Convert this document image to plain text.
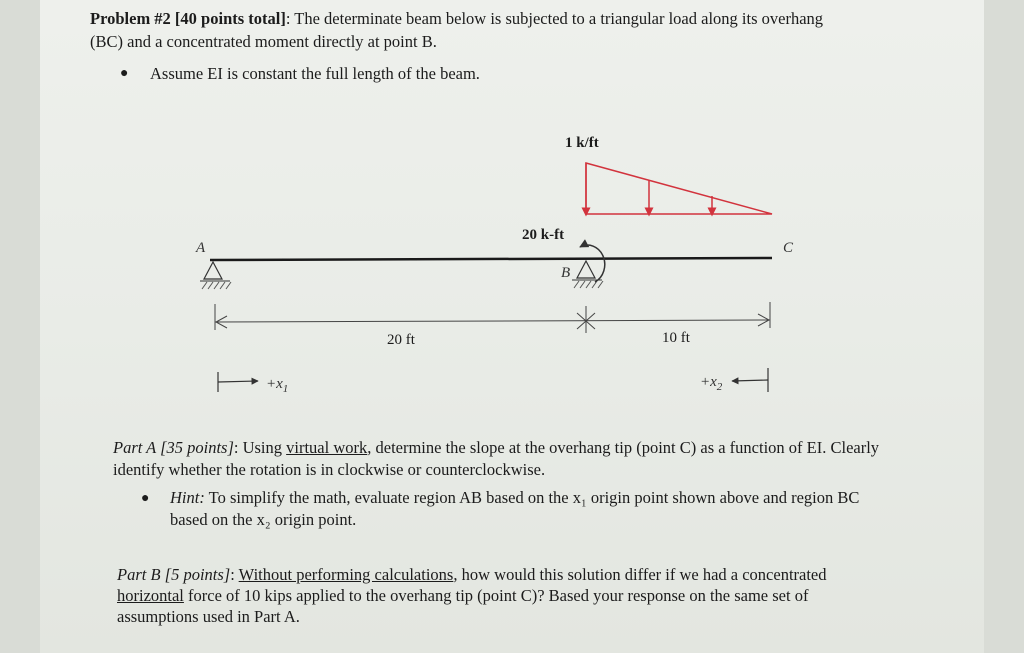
Problem #2 [40 points total]: The determinate beam below is subjected to a triangular load along its overhang
(BC) and a concentrated moment directly at point B.
● Assume EI is constant the full length of the beam.
1 k/ft
A
B
20 k-ft
C
20 ft	10 ft
$+x_1$	$+x_2$
Part A [35 points]: Using virtual work, determine the slope at the overhang tip (point C) as a function of EI. Clearly
identify whether the rotation is in clockwise or counterclockwise.
● Hint: To simplify the math, evaluate region AB based on the x₁ origin point shown above and region BC
based on the x₂ origin point.
Part B [5 points]: Without performing calculations, how would this solution differ if we had a concentrated
horizontal force of 10 kips applied to the overhang tip (point C)? Based your response on the same set of
assumptions used in Part A.
